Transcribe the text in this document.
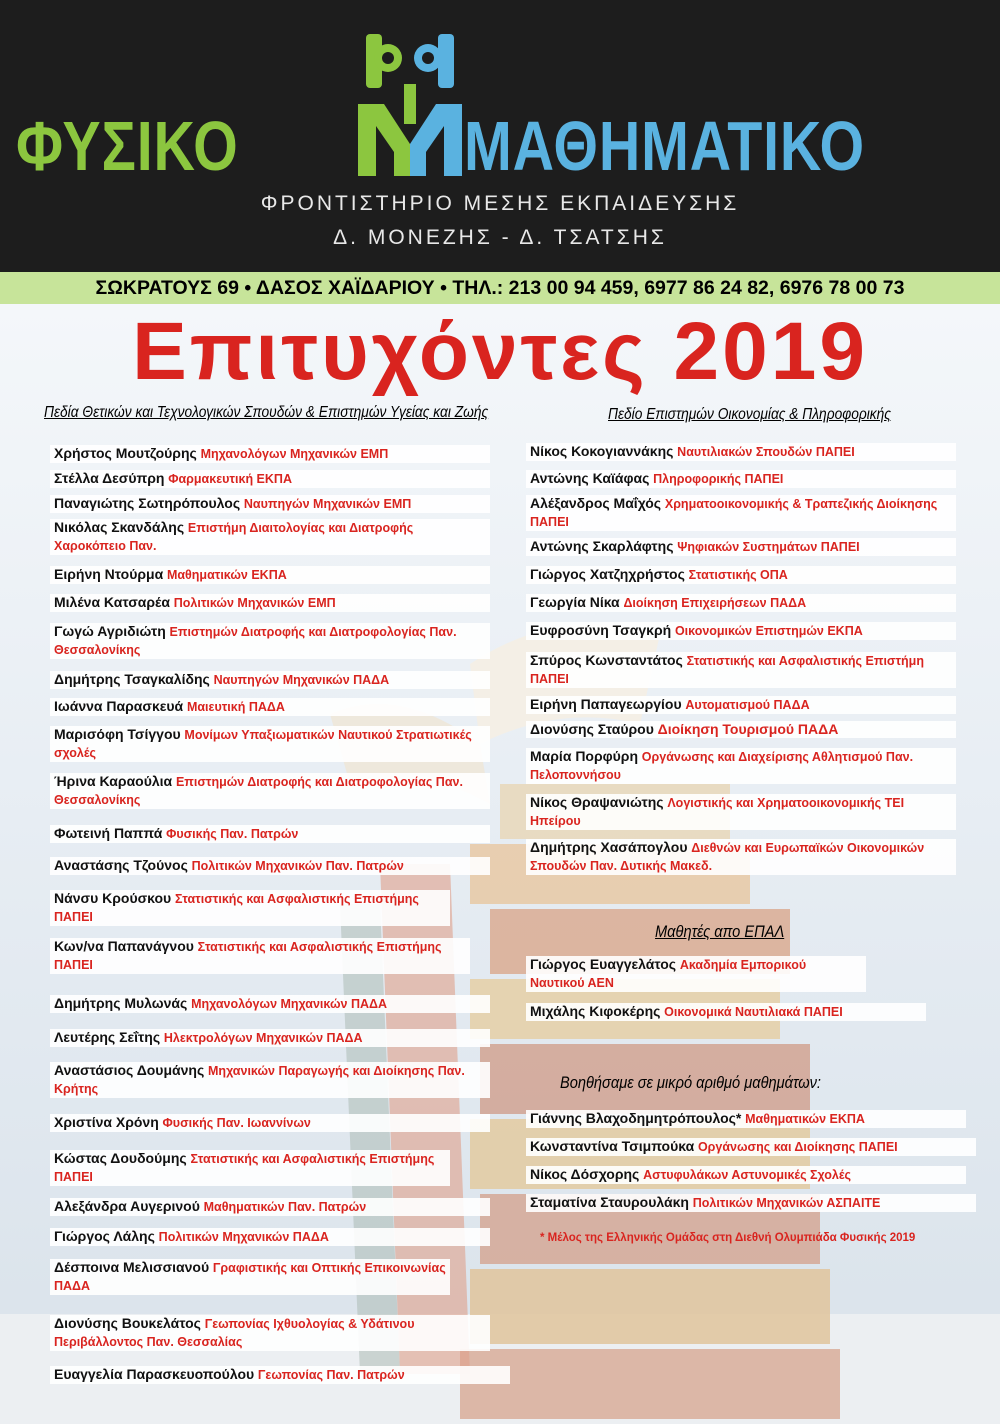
ΦΥΣΙΚΟ	ΜΑΘΗΜΑΤΙΚΟ
ΦΡΟΝΤΙΣΤΗΡΙΟ ΜΕΣΗΣ ΕΚΠΑΙΔΕΥΣΗΣ
Δ. ΜΟΝΕΖΗΣ - Δ. ΤΣΑΤΣΗΣ
ΣΩΚΡΑΤΟΥΣ 69 • ΔΑΣΟΣ ΧΑΪΔΑΡΙΟΥ • ΤΗΛ.: 213 00 94 459, 6977 86 24 82, 6976 78 00 73
Επιτυχόντες 2019
Πεδία Θετικών και Τεχνολογικών Σπουδών & Επιστημών Υγείας και Ζωής	Πεδίο Επιστημών Οικονομίας & Πληροφορικής
Χρήστος Μουτζούρης Μηχανολόγων Μηχανικών ΕΜΠ
Στέλλα Δεσύπρη Φαρμακευτική ΕΚΠΑ
Παναγιώτης Σωτηρόπουλος Ναυπηγών Μηχανικών ΕΜΠ
Νικόλας Σκανδάλης Επιστήμη Διαιτολογίας και Διατροφής Χαροκόπειο Παν.
Ειρήνη Ντούρμα Μαθηματικών ΕΚΠΑ
Μιλένα Κατσαρέα Πολιτικών Μηχανικών ΕΜΠ
Γωγώ Αγριδιώτη Επιστημών Διατροφής και Διατροφολογίας Παν. Θεσσαλονίκης
Δημήτρης Τσαγκαλίδης Ναυπηγών Μηχανικών ΠΑΔΑ
Ιωάννα Παρασκευά Μαιευτική ΠΑΔΑ
Μαρισόφη Τσίγγου Μονίμων Υπαξιωματικών Ναυτικού Στρατιωτικές σχολές
Ήρινα Καραούλια Επιστημών Διατροφής και Διατροφολογίας Παν. Θεσσαλονίκης
Φωτεινή Παππά Φυσικής Παν. Πατρών
Αναστάσης Τζούνος Πολιτικών Μηχανικών Παν. Πατρών
Νάνσυ Κρούσκου Στατιστικής και Ασφαλιστικής Επιστήμης ΠΑΠΕΙ
Κων/να Παπανάγνου Στατιστικής και Ασφαλιστικής Επιστήμης ΠΑΠΕΙ
Δημήτρης Μυλωνάς Μηχανολόγων Μηχανικών ΠΑΔΑ
Λευτέρης Σεΐτης Ηλεκτρολόγων Μηχανικών ΠΑΔΑ
Αναστάσιος Δουμάνης Μηχανικών Παραγωγής και Διοίκησης Παν. Κρήτης
Χριστίνα Χρόνη Φυσικής Παν. Ιωαννίνων
Κώστας Δουδούμης Στατιστικής και Ασφαλιστικής Επιστήμης ΠΑΠΕΙ
Αλεξάνδρα Αυγερινού Μαθηματικών Παν. Πατρών
Γιώργος Λάλης Πολιτικών Μηχανικών ΠΑΔΑ
Δέσποινα Μελισσιανού Γραφιστικής και Οπτικής Επικοινωνίας ΠΑΔΑ
Διονύσης Βουκελάτος Γεωπονίας Ιχθυολογίας & Υδάτινου Περιβάλλοντος Παν. Θεσσαλίας
Ευαγγελία Παρασκευοπούλου Γεωπονίας Παν. Πατρών
Νίκος Κοκογιαννάκης Ναυτιλιακών Σπουδών ΠΑΠΕΙ
Αντώνης Καϊάφας Πληροφορικής ΠΑΠΕΙ
Αλέξανδρος Μαΐχός Χρηματοοικονομικής & Τραπεζικής Διοίκησης ΠΑΠΕΙ
Αντώνης Σκαρλάφτης Ψηφιακών Συστημάτων ΠΑΠΕΙ
Γιώργος Χατζηχρήστος Στατιστικής ΟΠΑ
Γεωργία Νίκα Διοίκηση Επιχειρήσεων ΠΑΔΑ
Ευφροσύνη Τσαγκρή Οικονομικών Επιστημών ΕΚΠΑ
Σπύρος Κωνσταντάτος Στατιστικής και Ασφαλιστικής Επιστήμη ΠΑΠΕΙ
Ειρήνη Παπαγεωργίου Αυτοματισμού ΠΑΔΑ
Διονύσης Σταύρου Διοίκηση Τουρισμού ΠΑΔΑ
Μαρία Πορφύρη Οργάνωσης και Διαχείρισης Αθλητισμού Παν. Πελοποννήσου
Νίκος Θραψανιώτης Λογιστικής και Χρηματοοικονομικής ΤΕΙ Ηπείρου
Δημήτρης Χασάπογλου Διεθνών και Ευρωπαϊκών Οικονομικών Σπουδών Παν. Δυτικής Μακεδ.
Μαθητές απο ΕΠΑΛ
Γιώργος Ευαγγελάτος Ακαδημία Εμπορικού Ναυτικού ΑΕΝ
Μιχάλης Κιφοκέρης Οικονομικά Ναυτιλιακά ΠΑΠΕΙ
Βοηθήσαμε σε μικρό αριθμό μαθημάτων:
Γιάννης Βλαχοδημητρόπουλος* Μαθηματικών ΕΚΠΑ
Κωνσταντίνα Τσιμπούκα Οργάνωσης και Διοίκησης ΠΑΠΕΙ
Νίκος Δόσχορης Αστυφυλάκων Αστυνομικές Σχολές
Σταματίνα Σταυρουλάκη Πολιτικών Μηχανικών ΑΣΠΑΙΤΕ
* Μέλος της Ελληνικής Ομάδας στη Διεθνή Ολυμπιάδα Φυσικής 2019
